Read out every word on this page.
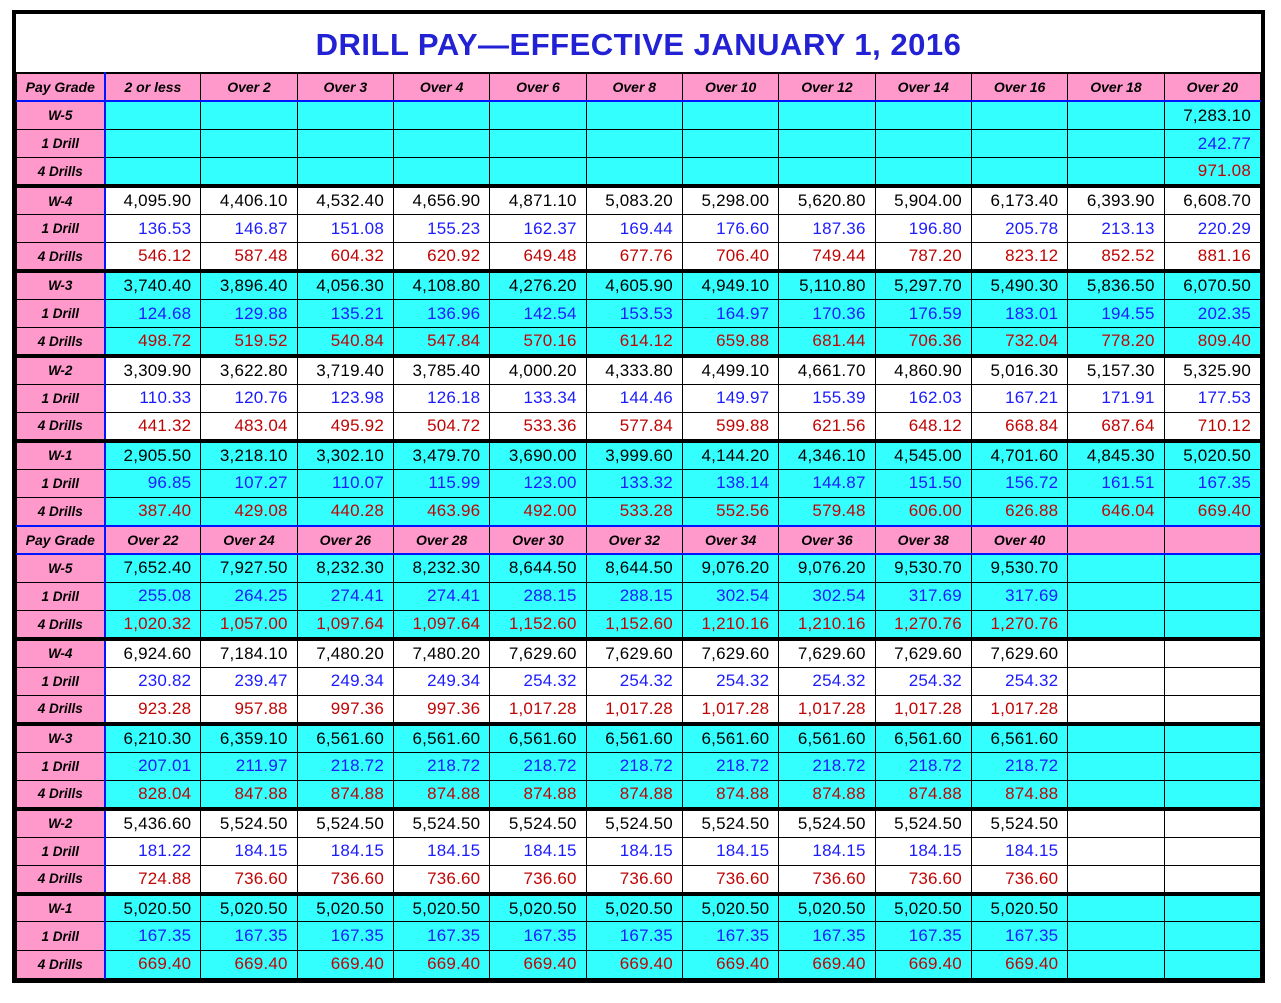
DRILL PAY—EFFECTIVE JANUARY 1, 2016
Pay Grade	2 or less	Over 2	Over 3	Over 4	Over 6	Over 8	Over 10	Over 12	Over 14	Over 16	Over 18	Over 20
W-5												7,283.10
1 Drill												242.77
4 Drills												971.08
W-4	4,095.90	4,406.10	4,532.40	4,656.90	4,871.10	5,083.20	5,298.00	5,620.80	5,904.00	6,173.40	6,393.90	6,608.70
1 Drill	136.53	146.87	151.08	155.23	162.37	169.44	176.60	187.36	196.80	205.78	213.13	220.29
4 Drills	546.12	587.48	604.32	620.92	649.48	677.76	706.40	749.44	787.20	823.12	852.52	881.16
W-3	3,740.40	3,896.40	4,056.30	4,108.80	4,276.20	4,605.90	4,949.10	5,110.80	5,297.70	5,490.30	5,836.50	6,070.50
1 Drill	124.68	129.88	135.21	136.96	142.54	153.53	164.97	170.36	176.59	183.01	194.55	202.35
4 Drills	498.72	519.52	540.84	547.84	570.16	614.12	659.88	681.44	706.36	732.04	778.20	809.40
W-2	3,309.90	3,622.80	3,719.40	3,785.40	4,000.20	4,333.80	4,499.10	4,661.70	4,860.90	5,016.30	5,157.30	5,325.90
1 Drill	110.33	120.76	123.98	126.18	133.34	144.46	149.97	155.39	162.03	167.21	171.91	177.53
4 Drills	441.32	483.04	495.92	504.72	533.36	577.84	599.88	621.56	648.12	668.84	687.64	710.12
W-1	2,905.50	3,218.10	3,302.10	3,479.70	3,690.00	3,999.60	4,144.20	4,346.10	4,545.00	4,701.60	4,845.30	5,020.50
1 Drill	96.85	107.27	110.07	115.99	123.00	133.32	138.14	144.87	151.50	156.72	161.51	167.35
4 Drills	387.40	429.08	440.28	463.96	492.00	533.28	552.56	579.48	606.00	626.88	646.04	669.40
Pay Grade	Over 22	Over 24	Over 26	Over 28	Over 30	Over 32	Over 34	Over 36	Over 38	Over 40		
W-5	7,652.40	7,927.50	8,232.30	8,232.30	8,644.50	8,644.50	9,076.20	9,076.20	9,530.70	9,530.70		
1 Drill	255.08	264.25	274.41	274.41	288.15	288.15	302.54	302.54	317.69	317.69		
4 Drills	1,020.32	1,057.00	1,097.64	1,097.64	1,152.60	1,152.60	1,210.16	1,210.16	1,270.76	1,270.76		
W-4	6,924.60	7,184.10	7,480.20	7,480.20	7,629.60	7,629.60	7,629.60	7,629.60	7,629.60	7,629.60		
1 Drill	230.82	239.47	249.34	249.34	254.32	254.32	254.32	254.32	254.32	254.32		
4 Drills	923.28	957.88	997.36	997.36	1,017.28	1,017.28	1,017.28	1,017.28	1,017.28	1,017.28		
W-3	6,210.30	6,359.10	6,561.60	6,561.60	6,561.60	6,561.60	6,561.60	6,561.60	6,561.60	6,561.60		
1 Drill	207.01	211.97	218.72	218.72	218.72	218.72	218.72	218.72	218.72	218.72		
4 Drills	828.04	847.88	874.88	874.88	874.88	874.88	874.88	874.88	874.88	874.88		
W-2	5,436.60	5,524.50	5,524.50	5,524.50	5,524.50	5,524.50	5,524.50	5,524.50	5,524.50	5,524.50		
1 Drill	181.22	184.15	184.15	184.15	184.15	184.15	184.15	184.15	184.15	184.15		
4 Drills	724.88	736.60	736.60	736.60	736.60	736.60	736.60	736.60	736.60	736.60		
W-1	5,020.50	5,020.50	5,020.50	5,020.50	5,020.50	5,020.50	5,020.50	5,020.50	5,020.50	5,020.50		
1 Drill	167.35	167.35	167.35	167.35	167.35	167.35	167.35	167.35	167.35	167.35		
4 Drills	669.40	669.40	669.40	669.40	669.40	669.40	669.40	669.40	669.40	669.40		
